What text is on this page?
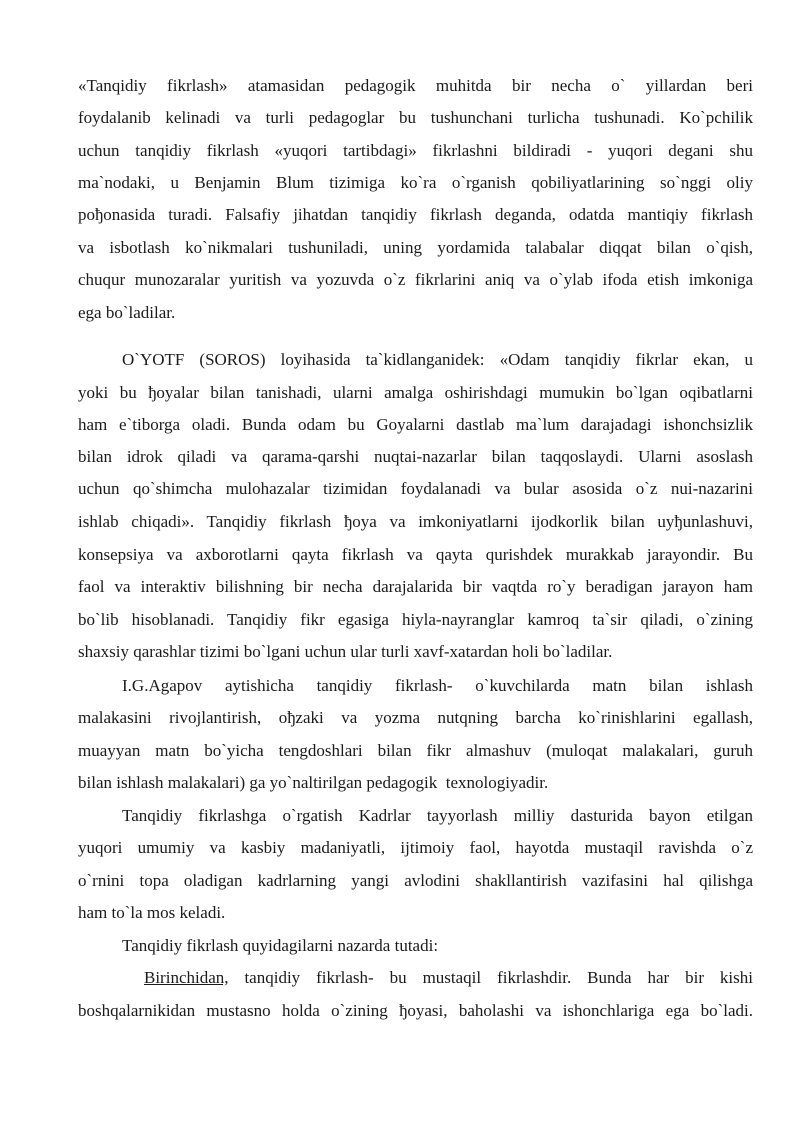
«Tanqidiy fikrlash» atamasidan pedagogik muhitda bir necha o` yillardan beri
foydalanib kelinadi va turli pedagoglar bu tushunchani turlicha tushunadi. Ko`pchilik
uchun tanqidiy fikrlash «yuqori tartibdagi» fikrlashni bildiradi - yuqori degani shu
ma`nodaki, u Benjamin Blum tizimiga ko`ra o`rganish qobiliyatlarining so`nggi oliy
poђonasida turadi. Falsafiy jihatdan tanqidiy fikrlash deganda, odatda mantiqiy fikrlash
va isbotlash ko`nikmalari tushuniladi, uning yordamida talabalar diqqat bilan o`qish,
chuqur munozaralar yuritish va yozuvda o`z fikrlarini aniq va o`ylab ifoda etish imkoniga
ega bo`ladilar.
O`YOTF (SOROS) loyihasida ta`kidlanganidek: «Odam tanqidiy fikrlar ekan, u
yoki bu ђoyalar bilan tanishadi, ularni amalga oshirishdagi mumukin bo`lgan oqibatlarni
ham e`tiborga oladi. Bunda odam bu Goyalarni dastlab ma`lum darajadagi ishonchsizlik
bilan idrok qiladi va qarama-qarshi nuqtai-nazarlar bilan taqqoslaydi. Ularni asoslash
uchun qo`shimcha mulohazalar tizimidan foydalanadi va bular asosida o`z nui-nazarini
ishlab chiqadi». Tanqidiy fikrlash ђoya va imkoniyatlarni ijodkorlik bilan uyђunlashuvi,
konsepsiya va axborotlarni qayta fikrlash va qayta qurishdek murakkab jarayondir. Bu
faol va interaktiv bilishning bir necha darajalarida bir vaqtda ro`y beradigan jarayon ham
bo`lib hisoblanadi. Tanqidiy fikr egasiga hiyla-nayranglar kamroq ta`sir qiladi, o`zining
shaxsiy qarashlar tizimi bo`lgani uchun ular turli xavf-xatardan holi bo`ladilar.
I.G.Agapov aytishicha tanqidiy fikrlash- o`kuvchilarda matn bilan ishlash
malakasini rivojlantirish, oђzaki va yozma nutqning barcha ko`rinishlarini egallash,
muayyan matn bo`yicha tengdoshlari bilan fikr almashuv (muloqat malakalari, guruh
bilan ishlash malakalari) ga yo`naltirilgan pedagogik  texnologiyadir.
Tanqidiy fikrlashga o`rgatish Kadrlar tayyorlash milliy dasturida bayon etilgan
yuqori umumiy va kasbiy madaniyatli, ijtimoiy faol, hayotda mustaqil ravishda o`z
o`rnini topa oladigan kadrlarning yangi avlodini shakllantirish vazifasini hal qilishga
ham to`la mos keladi.
Tanqidiy fikrlash quyidagilarni nazarda tutadi:
Birinchidan, tanqidiy fikrlash- bu mustaqil fikrlashdir. Bunda har bir kishi
boshqalarnikidan mustasno holda o`zining ђoyasi, baholashi va ishonchlariga ega bo`ladi.
